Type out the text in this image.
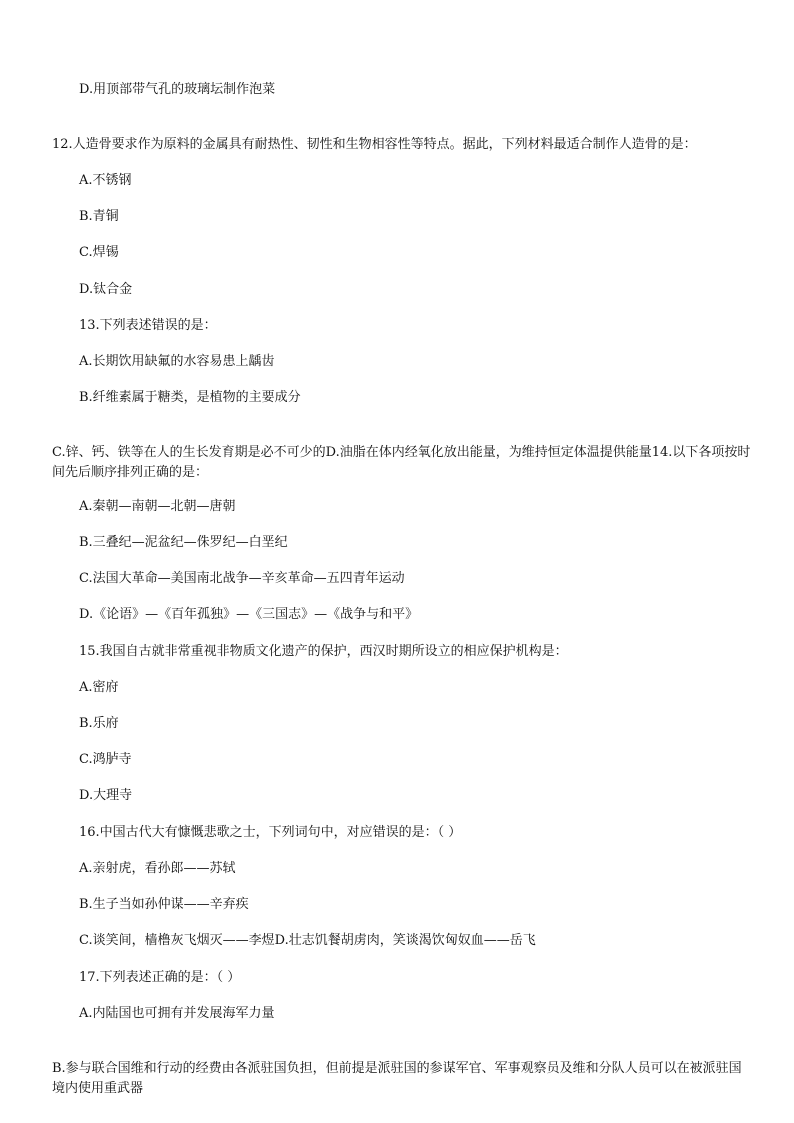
D.用顶部带气孔的玻璃坛制作泡菜

12.人造骨要求作为原料的金属具有耐热性、韧性和生物相容性等特点。据此，下列材料最适合制作人造骨的是：

A.不锈钢

B.青铜

C.焊锡

D.钛合金

13.下列表述错误的是：

A.长期饮用缺氟的水容易患上龋齿

B.纤维素属于糖类，是植物的主要成分

C.锌、钙、铁等在人的生长发育期是必不可少的D.油脂在体内经氧化放出能量，为维持恒定体温提供能量14.以下各项按时间先后顺序排列正确的是：

A.秦朝—南朝—北朝—唐朝

B.三叠纪—泥盆纪—侏罗纪—白垩纪

C.法国大革命—美国南北战争—辛亥革命—五四青年运动

D.《论语》—《百年孤独》—《三国志》—《战争与和平》

15.我国自古就非常重视非物质文化遗产的保护，西汉时期所设立的相应保护机构是：

A.密府

B.乐府

C.鸿胪寺

D.大理寺

16.中国古代大有慷慨悲歌之士，下列词句中，对应错误的是：（ ）

A.亲射虎，看孙郎——苏轼

B.生子当如孙仲谋——辛弃疾

C.谈笑间，樯橹灰飞烟灭——李煜D.壮志饥餐胡虏肉，笑谈渴饮匈奴血——岳飞

17.下列表述正确的是：（ ）

A.内陆国也可拥有并发展海军力量

B.参与联合国维和行动的经费由各派驻国负担，但前提是派驻国的参谋军官、军事观察员及维和分队人员可以在被派驻国境内使用重武器
